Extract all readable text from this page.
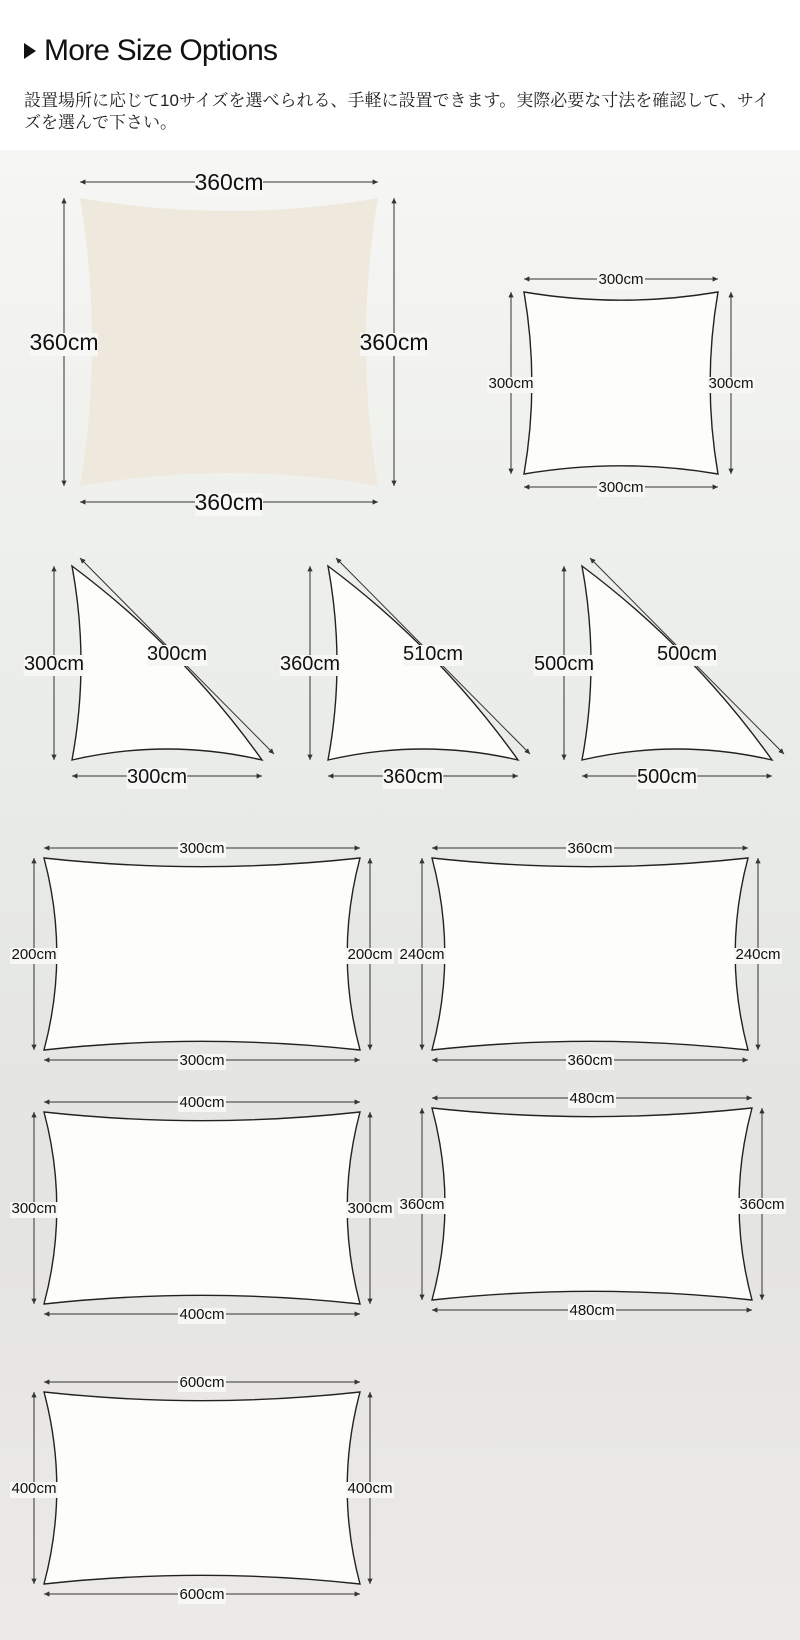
More Size Options
設置場所に応じて10サイズを選べられる、手軽に設置できます。実際必要な寸法を確認して、サイズを選んで下さい。
360cm
360cm
360cm	360cm
300cm
300cm
300cm	300cm
300cm
300cm
300cm	360cm
360cm
510cm	500cm
500cm
500cm
300cm
300cm
200cm	200cm
360cm
360cm
240cm	240cm
400cm
400cm
300cm	300cm
480cm
480cm
360cm	360cm
600cm
600cm
400cm	400cm
